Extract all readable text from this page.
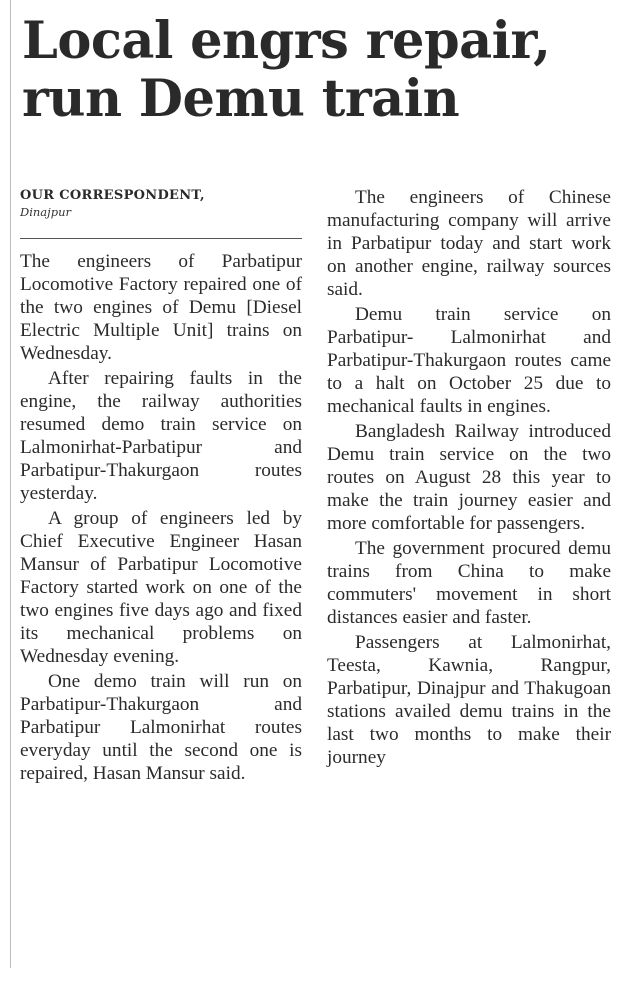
Local engrs repair, run Demu train
OUR CORRESPONDENT,
Dinajpur

The engineers of Parbatipur Locomotive Factory repaired one of the two engines of Demu [Diesel Electric Multiple Unit] trains on Wednesday.

After repairing faults in the engine, the railway authorities resumed demo train service on Lalmonirhat-Parbatipur and Parbatipur-Thakurgaon routes yesterday.

A group of engineers led by Chief Executive Engineer Hasan Mansur of Parbatipur Locomotive Factory started work on one of the two engines five days ago and fixed its mechanical problems on Wednesday evening.

One demo train will run on Parbatipur-Thakurgaon and Parbatipur Lalmonirhat routes everyday until the second one is repaired, Hasan Mansur said.

The engineers of Chinese manufacturing company will arrive in Parbatipur today and start work on another engine, railway sources said.

Demu train service on Parbatipur- Lalmonirhat and Parbatipur-Thakurgaon routes came to a halt on October 25 due to mechanical faults in engines.

Bangladesh Railway introduced Demu train service on the two routes on August 28 this year to make the train journey easier and more comfortable for passengers.

The government procured demu trains from China to make commuters' movement in short distances easier and faster.

Passengers at Lalmonirhat, Teesta, Kawnia, Rangpur, Parbatipur, Dinajpur and Thakugoan stations availed demu trains in the last two months to make their journey
